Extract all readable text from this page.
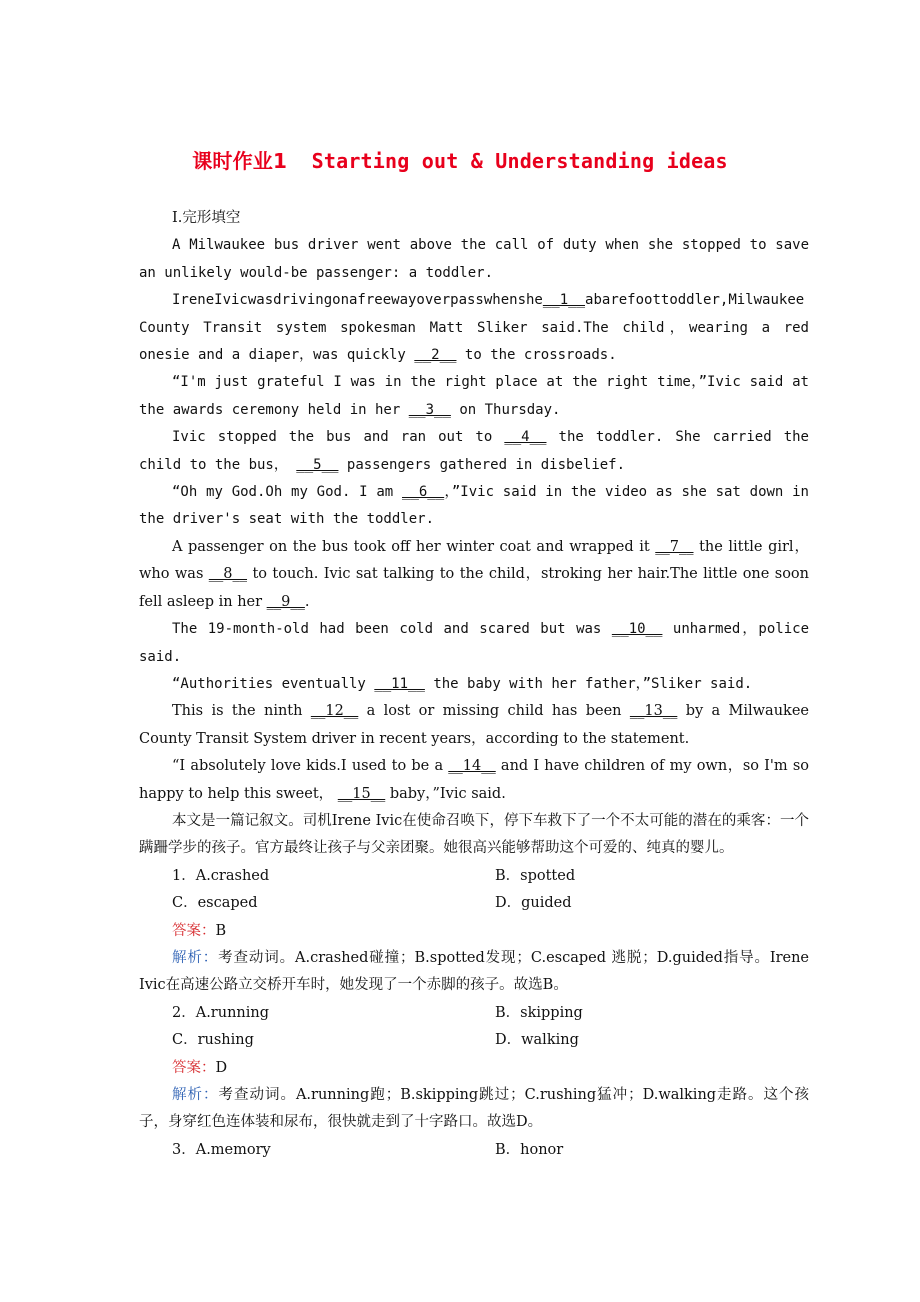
课时作业1 Starting out & Understanding ideas

Ⅰ.完形填空

A Milwaukee bus driver went above the call of duty when she stopped to save an unlikely would-be passenger: a toddler.

IreneIvicwasdrivingonafreewayoverpasswhenshe__1__abarefoottoddler,Milwaukee County Transit system spokesman Matt Sliker said.The child，wearing a red onesie and a diaper，was quickly __2__ to the crossroads.

“I'm just grateful I was in the right place at the right time，”Ivic said at the awards ceremony held in her __3__ on Thursday.

Ivic stopped the bus and ran out to __4__ the toddler. She carried the child to the bus， __5__ passengers gathered in disbelief.

“Oh my God.Oh my God. I am __6__，”Ivic said in the video as she sat down in the driver's seat with the toddler.

A passenger on the bus took off her winter coat and wrapped it __7__ the little girl，who was __8__ to touch. Ivic sat talking to the child，stroking her hair.The little one soon fell asleep in her __9__.

The 19-month-old had been cold and scared but was __10__ unharmed，police said.

“Authorities eventually __11__ the baby with her father，”Sliker said.

This is the ninth __12__ a lost or missing child has been __13__ by a Milwaukee County Transit System driver in recent years，according to the statement.

“I absolutely love kids.I used to be a __14__ and I have children of my own，so I'm so happy to help this sweet， __15__ baby，”Ivic said.

本文是一篇记叙文。司机Irene Ivic在使命召唤下，停下车救下了一个不太可能的潜在的乘客：一个蹒跚学步的孩子。官方最终让孩子与父亲团聚。她很高兴能够帮助这个可爱的、纯真的婴儿。

1．A.crashed	B．spotted
C．escaped	D．guided

答案：B

解析：考查动词。A.crashed碰撞；B.spotted发现；C.escaped 逃脱；D.guided指导。Irene Ivic在高速公路立交桥开车时，她发现了一个赤脚的孩子。故选B。

2．A.running	B．skipping
C．rushing	D．walking

答案：D

解析：考查动词。A.running跑；B.skipping跳过；C.rushing猛冲；D.walking走路。这个孩子，身穿红色连体装和尿布，很快就走到了十字路口。故选D。

3．A.memory	B．honor
